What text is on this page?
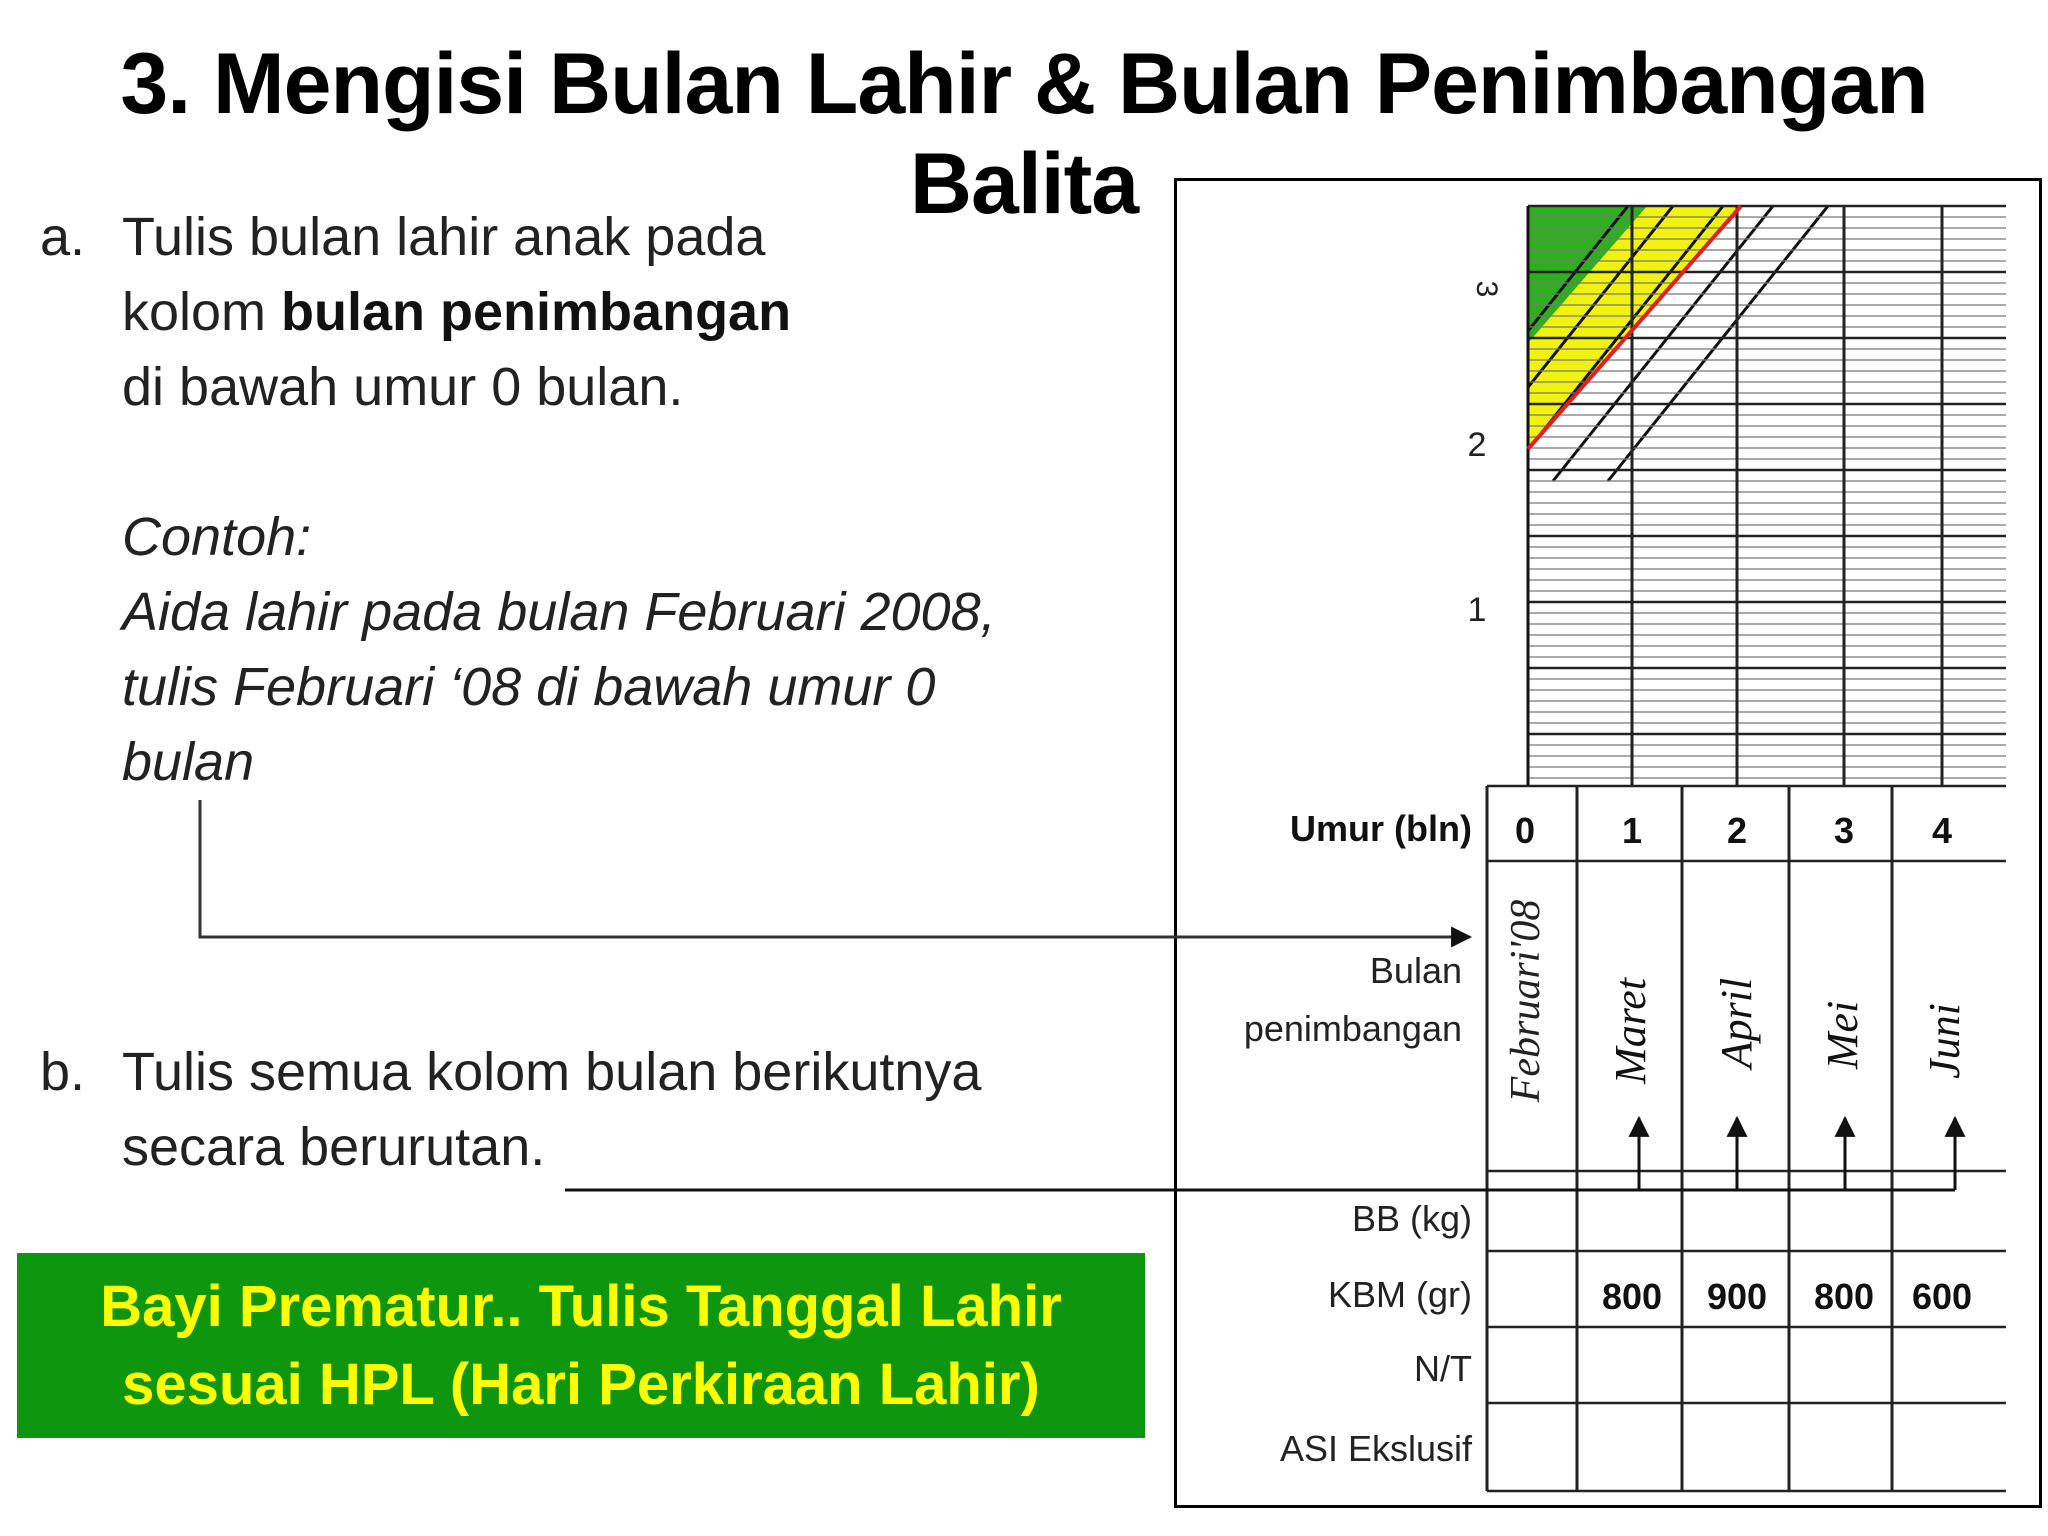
3. Mengisi Bulan Lahir & Bulan Penimbangan Balita
a. Tulis bulan lahir anak pada
kolom bulan penimbangan
di bawah umur 0 bulan.
Contoh:
Aida lahir pada bulan Februari 2008,
tulis Februari ‘08 di bawah umur 0
bulan
b. Tulis semua kolom bulan berikutnya
secara berurutan.
Bayi Prematur.. Tulis Tanggal Lahir
sesuai HPL (Hari Perkiraan Lahir)
3
2
1
Umur (bln)
Bulan
penimbangan
BB (kg)
KBM (gr)
N/T
ASI Ekslusif
0 1 2 3 4
Februari'08 Maret April Mei Juni
800 900 800 600
